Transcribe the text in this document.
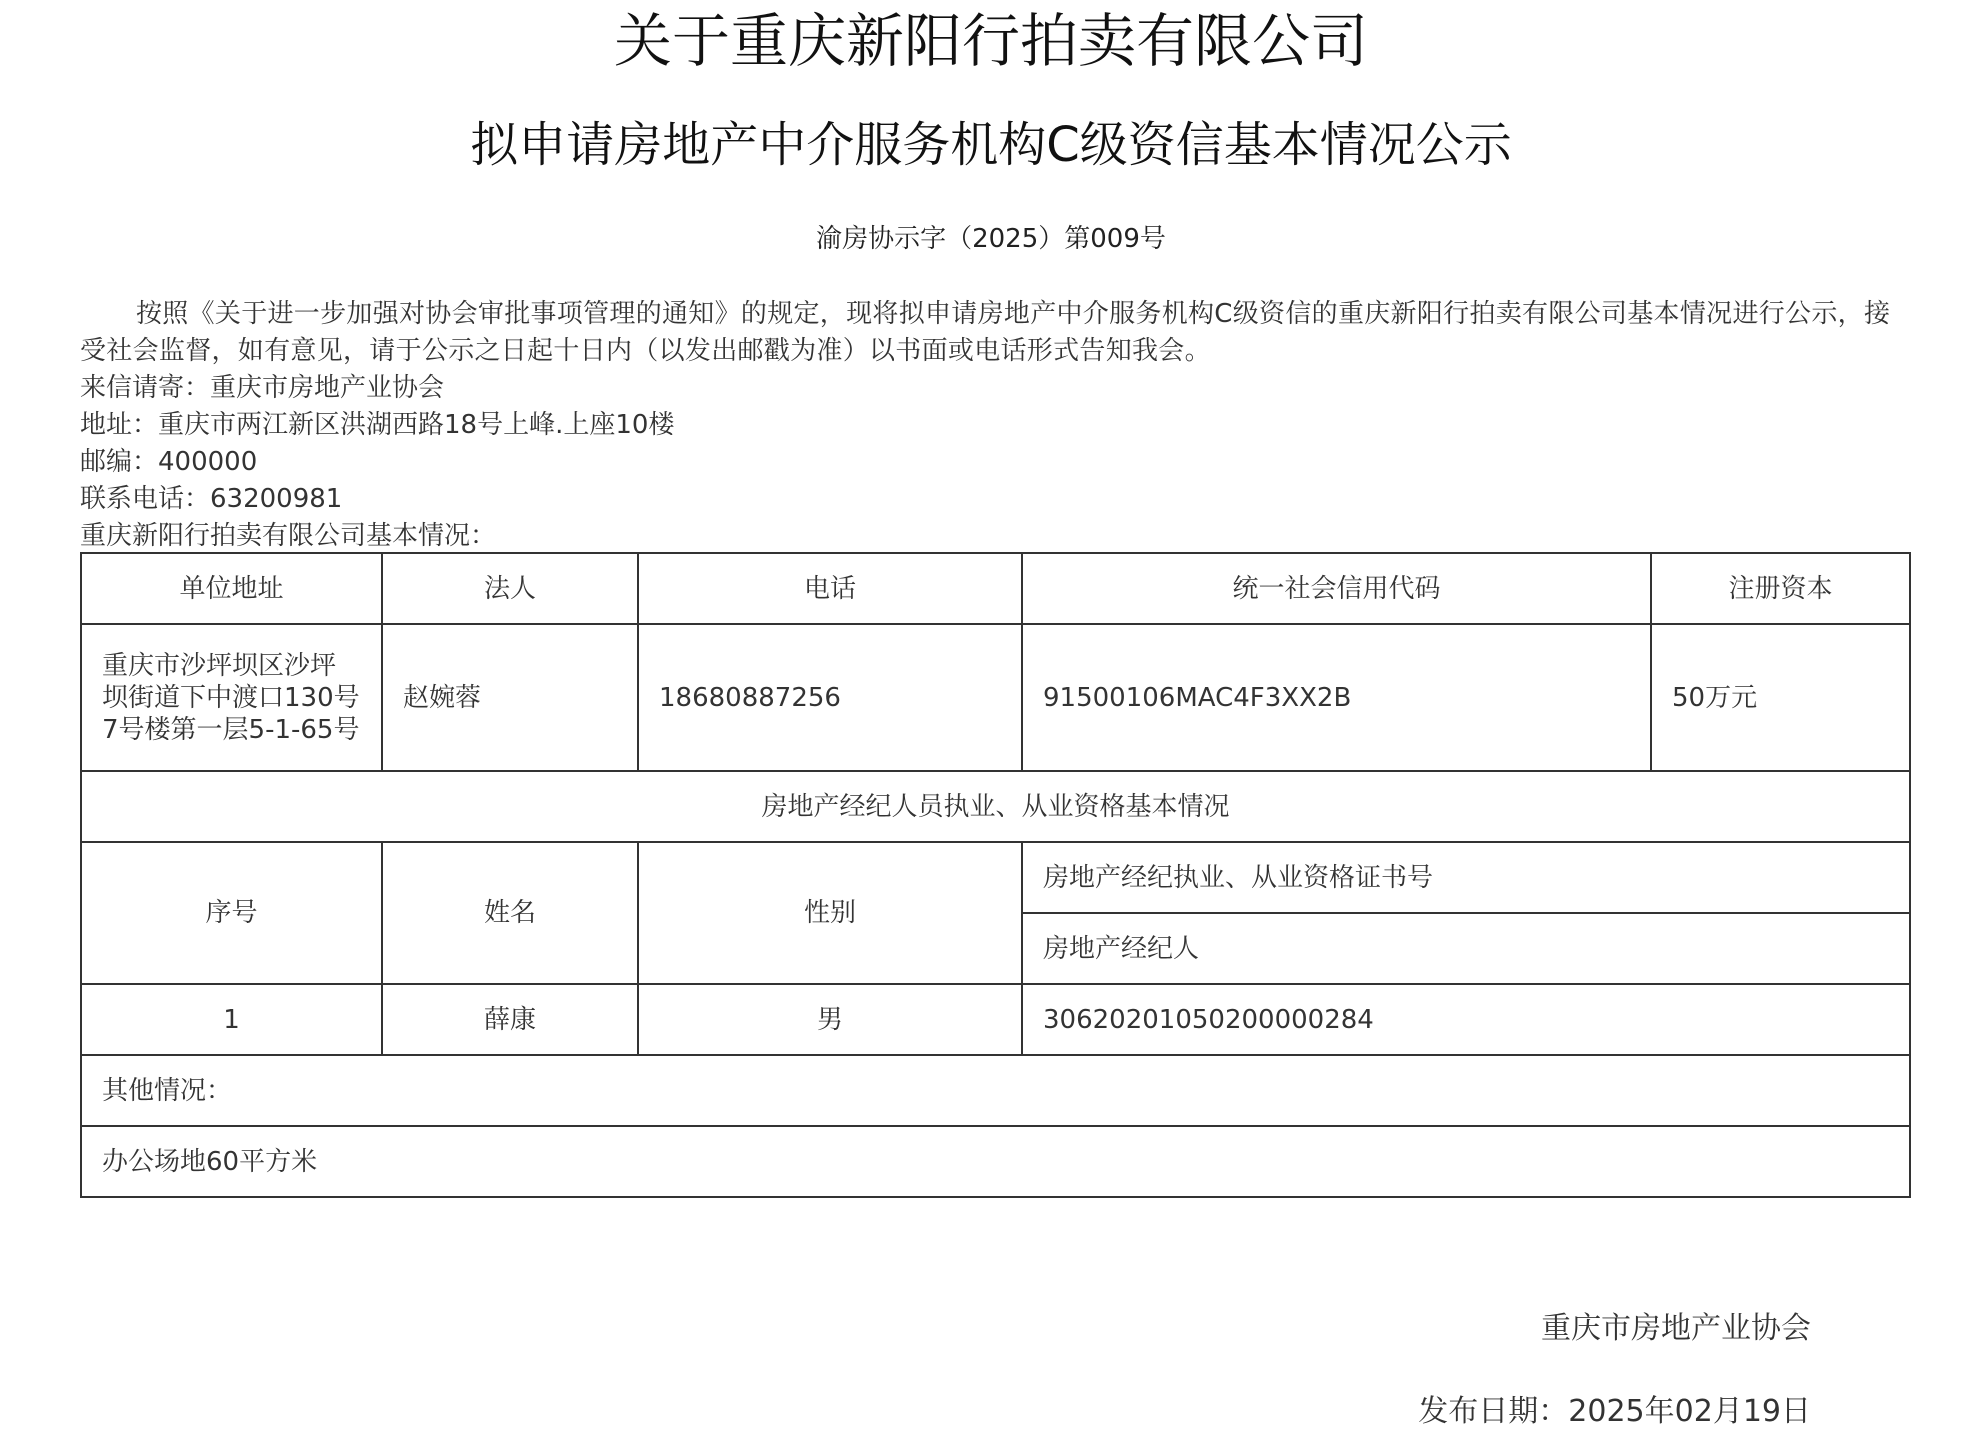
关于重庆新阳行拍卖有限公司
拟申请房地产中介服务机构C级资信基本情况公示
渝房协示字（2025）第009号
按照《关于进一步加强对协会审批事项管理的通知》的规定，现将拟申请房地产中介服务机构C级资信的重庆新阳行拍卖有限公司基本情况进行公示，接受社会监督，如有意见，请于公示之日起十日内（以发出邮戳为准）以书面或电话形式告知我会。
来信请寄：重庆市房地产业协会
地址：重庆市两江新区洪湖西路18号上峰.上座10楼
邮编：400000
联系电话：63200981
重庆新阳行拍卖有限公司基本情况：
单位地址	法人	电话	统一社会信用代码	注册资本
重庆市沙坪坝区沙坪坝街道下中渡口130号7号楼第一层5-1-65号	赵婉蓉	18680887256	91500106MAC4F3XX2B	50万元
房地产经纪人员执业、从业资格基本情况				
序号	姓名	性别	房地产经纪执业、从业资格证书号	
			房地产经纪人	
1	薛康	男	30620201050200000284	
其他情况：				
办公场地60平方米				
重庆市房地产业协会
发布日期：2025年02月19日
